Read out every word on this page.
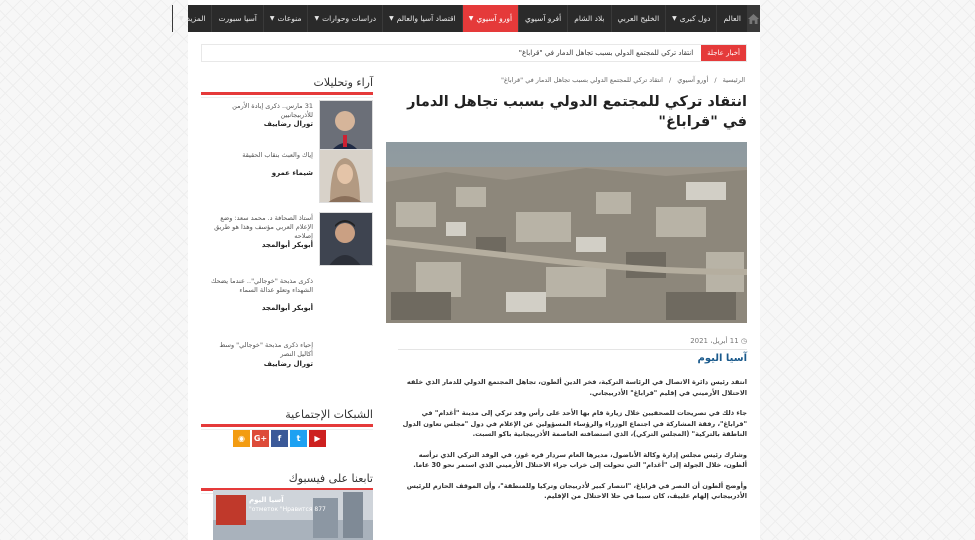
العالم
دول كبرى
▼
الخليج العربي
بلاد الشام
أفرو آسيوي
أورو آسيوي
▼
اقتصاد آسيا والعالم
▼
دراسات وحوارات
▼
منوعات
▼
آسيا سبورت
المزيد
▼
أخبار عاجلة
انتقاد تركي للمجتمع الدولي بسبب تجاهل الدمار في "قراباغ"
الرئيسية / أورو آسيوي / انتقاد تركي للمجتمع الدولي بسبب تجاهل الدمار في "قراباغ"
انتقاد تركي للمجتمع الدولي بسبب تجاهل الدمار في "قراباغ"
◷ 11 أبريل، 2021
آسيا اليوم

انتقد رئيس دائرة الاتصال في الرئاسة التركية، فخر الدين ألطون، تجاهل المجتمع الدولي للدمار الذي خلفه الاحتلال الأرميني في إقليم "قراباغ" الأذربيجاني.

جاء ذلك في تصريحات للصحفيين خلال زيارة قام بها الأحد على رأس وفد تركي إلى مدينة "أغدام" في "قراباغ"، رفقة المشاركة في اجتماع الوزراء والرؤساء المسؤولين عن الإعلام في دول "مجلس تعاون الدول الناطقة بالتركية" (المجلس التركي)، الذي استضافته العاصمة الأذربيجانية باكو السبت.

وشارك رئيس مجلس إدارة وكالة الأناضول، مديرها العام سردار قره غوز، في الوفد التركي الذي ترأسه ألطون، خلال الجولة إلى "أغدام" التي تحولت إلى خراب جراء الاحتلال الأرميني الذي استمر نحو 30 عاما.

وأوضح ألطون أن النصر في قراباغ، "انتصار كبير لأذربيجان وتركيا وللمنطقة"، وأن الموقف الحازم للرئيس الأذربيجاني إلهام علييف، كان سببا في حلا الاحتلال من الإقليم.

آراء وتحليلات
31 مارس.. ذكرى إبادة الأرمن للأذربيجانيين
تورال رضاييف
إياك والعبث بنقاب الحقيقة
شيماء عمرو
أستاذ الصحافة د. محمد سعد: وضع الإعلام العربي مؤسف وهذا هو طريق إصلاحه
أبوبكر أبوالمجد
ذكرى مذبحة "خوجالي".. عندما يضحك الشهداء وتعلو عدالة السماء
أبوبكر أبوالمجد
إحياء ذكرى مذبحة "خوجالي" وسط أكاليل النصر
تورال رضاييف
الشبكات الإجتماعية
◉	G+	f	t	▶
تابعنا على فيسبوك
آسيا اليوم
877 отметок "Нравится"
